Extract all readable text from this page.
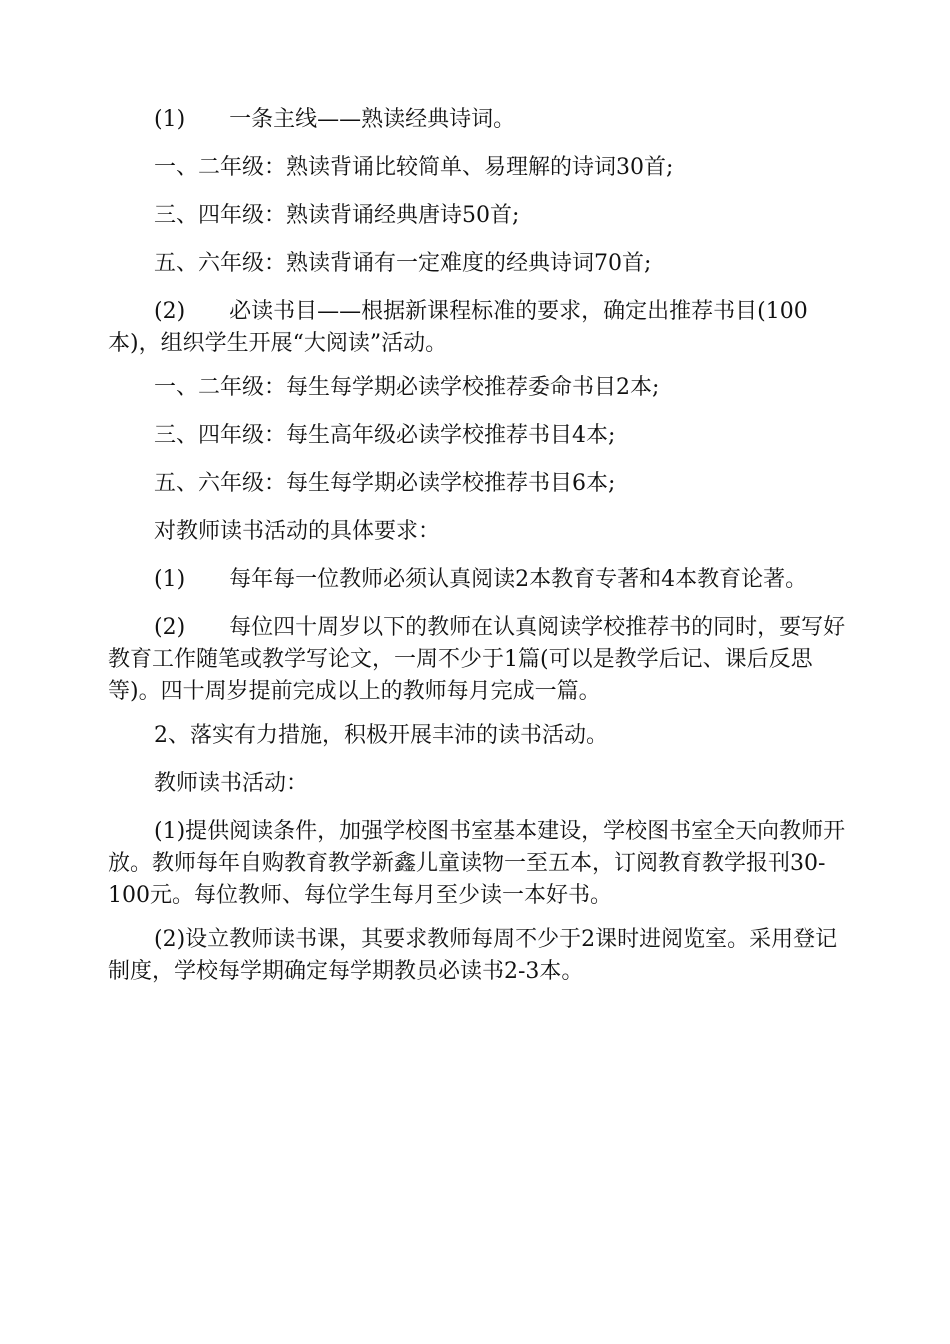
(1)　　一条主线——熟读经典诗词。

一、二年级：熟读背诵比较简单、易理解的诗词30首;

三、四年级：熟读背诵经典唐诗50首;

五、六年级：熟读背诵有一定难度的经典诗词70首;

(2)　　必读书目——根据新课程标准的要求，确定出推荐书目(100本)，组织学生开展“大阅读”活动。

一、二年级：每生每学期必读学校推荐委命书目2本;

三、四年级：每生高年级必读学校推荐书目4本;

五、六年级：每生每学期必读学校推荐书目6本;

对教师读书活动的具体要求：

(1)　　每年每一位教师必须认真阅读2本教育专著和4本教育论著。

(2)　　每位四十周岁以下的教师在认真阅读学校推荐书的同时，要写好教育工作随笔或教学写论文，一周不少于1篇(可以是教学后记、课后反思等)。四十周岁提前完成以上的教师每月完成一篇。

2、落实有力措施，积极开展丰沛的读书活动。

教师读书活动：

(1)提供阅读条件，加强学校图书室基本建设，学校图书室全天向教师开放。教师每年自购教育教学新鑫儿童读物一至五本，订阅教育教学报刊30-100元。每位教师、每位学生每月至少读一本好书。

(2)设立教师读书课，其要求教师每周不少于2课时进阅览室。采用登记制度，学校每学期确定每学期教员必读书2-3本。
